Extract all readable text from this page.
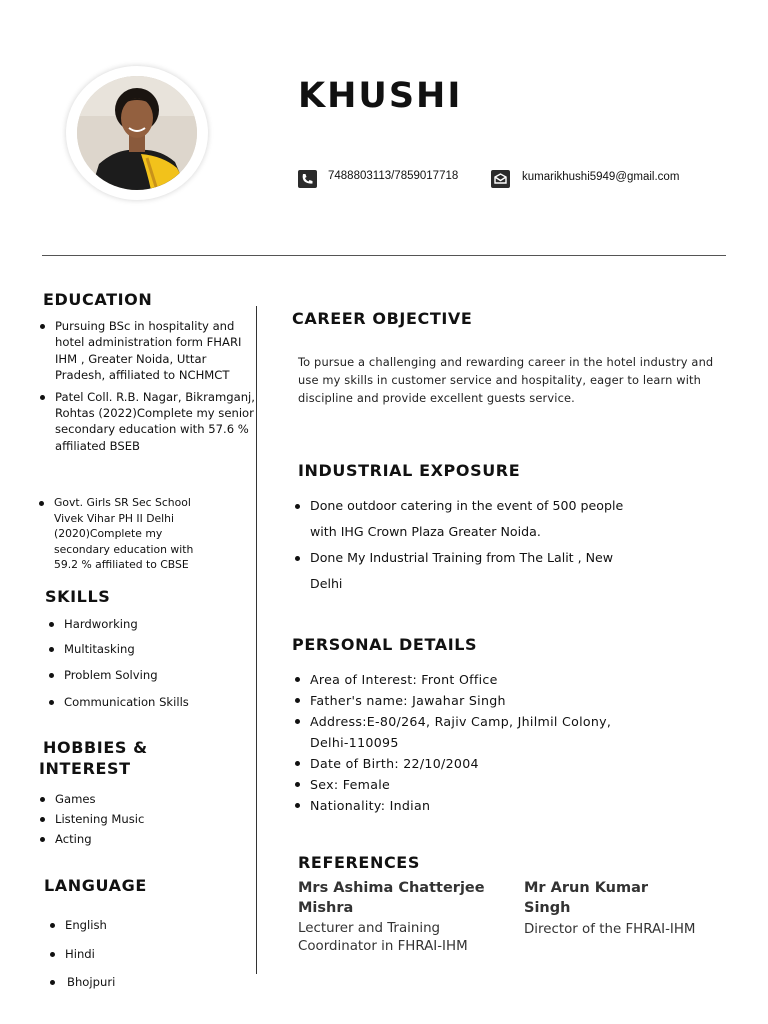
KHUSHI
7488803113/7859017718	kumarikhushi5949@gmail.com
EDUCATION
Pursuing BSc in hospitality and hotel administration form FHARI IHM , Greater Noida, Uttar Pradesh, affiliated to NCHMCT
Patel Coll. R.B. Nagar, Bikramganj, Rohtas (2022)Complete my senior secondary education with 57.6 % affiliated BSEB
Govt. Girls SR Sec School Vivek Vihar PH II Delhi (2020)Complete my secondary education with 59.2 % affiliated to CBSE
SKILLS
Hardworking
Multitasking
Problem Solving
Communication Skills
HOBBIES &
INTEREST
Games
Listening Music
Acting
LANGUAGE
English
Hindi
Bhojpuri
CAREER OBJECTIVE
To pursue a challenging and rewarding career in the hotel industry and use my skills in customer service and hospitality, eager to learn with discipline and provide excellent guests service.
INDUSTRIAL EXPOSURE
Done outdoor catering in the event of 500 people with IHG Crown Plaza Greater Noida.
Done My Industrial Training from The Lalit , New Delhi
PERSONAL DETAILS
Area of Interest: Front Office
Father's name: Jawahar Singh
Address:E-80/264, Rajiv Camp, Jhilmil Colony, Delhi-110095
Date of Birth: 22/10/2004
Sex: Female
Nationality: Indian
REFERENCES
Mrs Ashima Chatterjee Mishra
Lecturer and Training Coordinator in FHRAI-IHM
Mr Arun Kumar Singh
Director of the FHRAI-IHM
